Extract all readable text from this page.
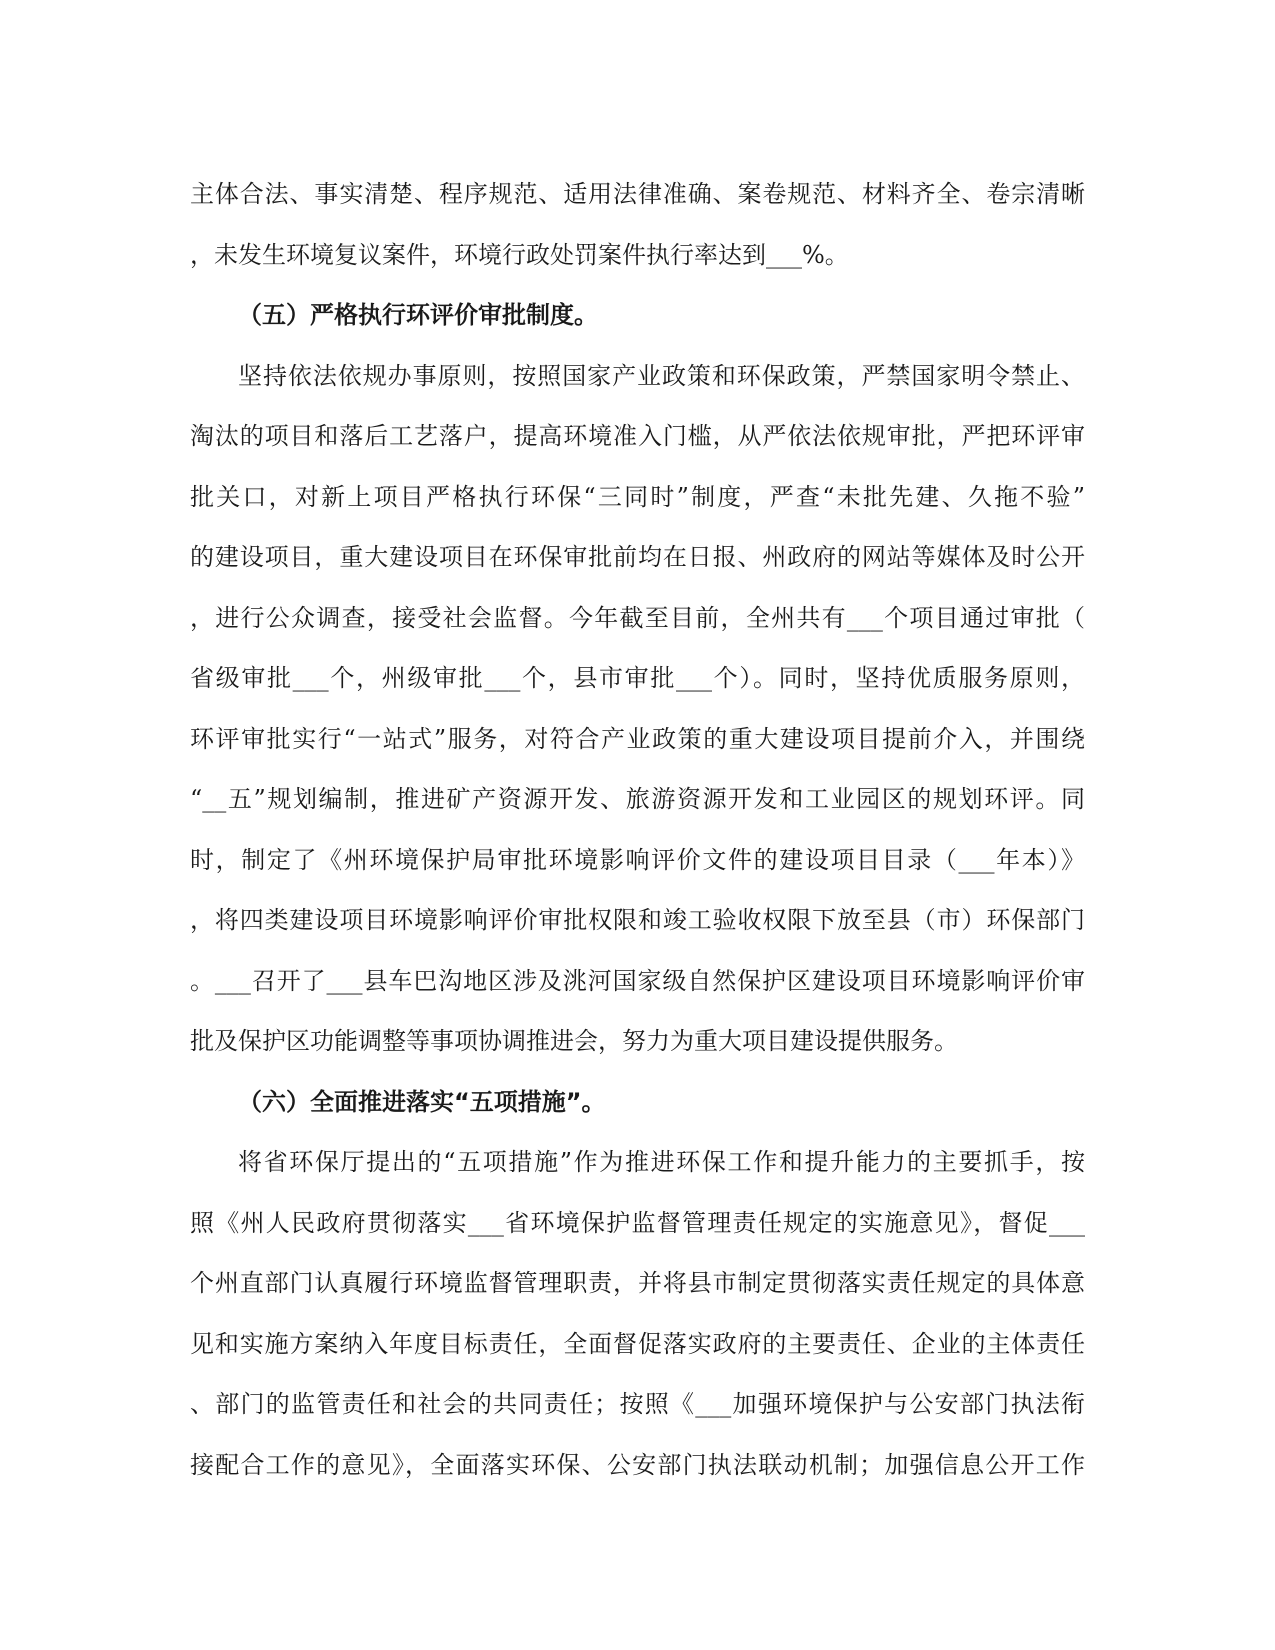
主体合法、事实清楚、程序规范、适用法律准确、案卷规范、材料齐全、卷宗清晰
，未发生环境复议案件，环境行政处罚案件执行率达到___%。
（五）严格执行环评价审批制度。
坚持依法依规办事原则，按照国家产业政策和环保政策，严禁国家明令禁止、
淘汰的项目和落后工艺落户，提高环境准入门槛，从严依法依规审批，严把环评审
批关口，对新上项目严格执行环保“三同时”制度，严查“未批先建、久拖不验”
的建设项目，重大建设项目在环保审批前均在日报、州政府的网站等媒体及时公开
，进行公众调查，接受社会监督。今年截至目前，全州共有___个项目通过审批（
省级审批___个，州级审批___个，县市审批___个）。同时，坚持优质服务原则，
环评审批实行“一站式”服务，对符合产业政策的重大建设项目提前介入，并围绕
“__五”规划编制，推进矿产资源开发、旅游资源开发和工业园区的规划环评。同
时，制定了《州环境保护局审批环境影响评价文件的建设项目目录（___年本）》
，将四类建设项目环境影响评价审批权限和竣工验收权限下放至县（市）环保部门
。___召开了___县车巴沟地区涉及洮河国家级自然保护区建设项目环境影响评价审
批及保护区功能调整等事项协调推进会，努力为重大项目建设提供服务。
（六）全面推进落实“五项措施”。
将省环保厅提出的“五项措施”作为推进环保工作和提升能力的主要抓手，按
照《州人民政府贯彻落实___省环境保护监督管理责任规定的实施意见》，督促___
个州直部门认真履行环境监督管理职责，并将县市制定贯彻落实责任规定的具体意
见和实施方案纳入年度目标责任，全面督促落实政府的主要责任、企业的主体责任
、部门的监管责任和社会的共同责任；按照《___加强环境保护与公安部门执法衔
接配合工作的意见》，全面落实环保、公安部门执法联动机制；加强信息公开工作
